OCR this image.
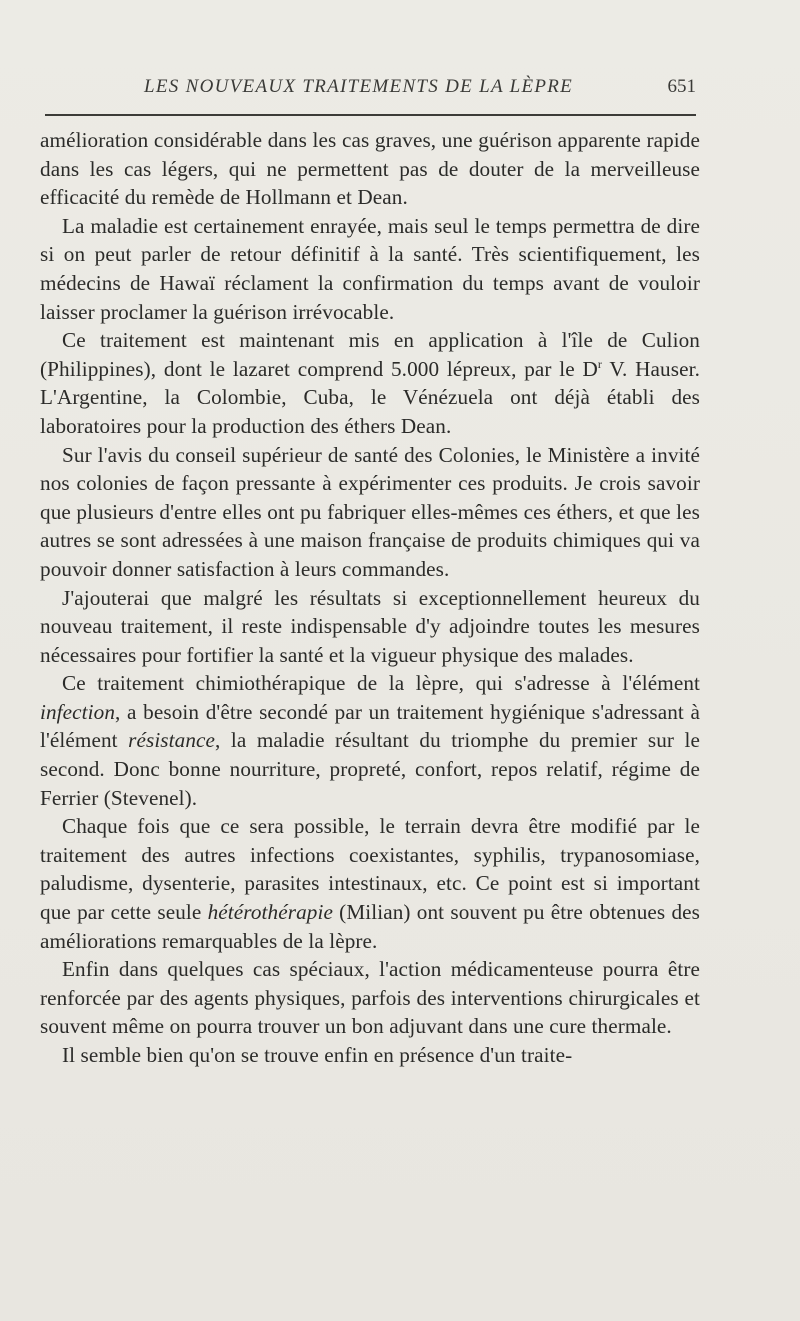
LES NOUVEAUX TRAITEMENTS DE LA LÈPRE	651

amélioration considérable dans les cas graves, une guérison apparente rapide dans les cas légers, qui ne permettent pas de douter de la merveilleuse efficacité du remède de Hollmann et Dean.

La maladie est certainement enrayée, mais seul le temps permettra de dire si on peut parler de retour définitif à la santé. Très scientifiquement, les médecins de Hawaï réclament la confirmation du temps avant de vouloir laisser proclamer la guérison irrévocable.

Ce traitement est maintenant mis en application à l'île de Culion (Philippines), dont le lazaret comprend 5.000 lépreux, par le $D^r$ V. Hauser. L'Argentine, la Colombie, Cuba, le Vénézuela ont déjà établi des laboratoires pour la production des éthers Dean.

Sur l'avis du conseil supérieur de santé des Colonies, le Ministère a invité nos colonies de façon pressante à expérimenter ces produits. Je crois savoir que plusieurs d'entre elles ont pu fabriquer elles-mêmes ces éthers, et que les autres se sont adressées à une maison française de produits chimiques qui va pouvoir donner satisfaction à leurs commandes.

J'ajouterai que malgré les résultats si exceptionnellement heureux du nouveau traitement, il reste indispensable d'y adjoindre toutes les mesures nécessaires pour fortifier la santé et la vigueur physique des malades.

Ce traitement chimiothérapique de la lèpre, qui s'adresse à l'élément infection, a besoin d'être secondé par un traitement hygiénique s'adressant à l'élément résistance, la maladie résultant du triomphe du premier sur le second. Donc bonne nourriture, propreté, confort, repos relatif, régime de Ferrier (Stevenel).

Chaque fois que ce sera possible, le terrain devra être modifié par le traitement des autres infections coexistantes, syphilis, trypanosomiase, paludisme, dysenterie, parasites intestinaux, etc. Ce point est si important que par cette seule hétérothérapie (Milian) ont souvent pu être obtenues des améliorations remarquables de la lèpre.

Enfin dans quelques cas spéciaux, l'action médicamenteuse pourra être renforcée par des agents physiques, parfois des interventions chirurgicales et souvent même on pourra trouver un bon adjuvant dans une cure thermale.

Il semble bien qu'on se trouve enfin en présence d'un traite-
